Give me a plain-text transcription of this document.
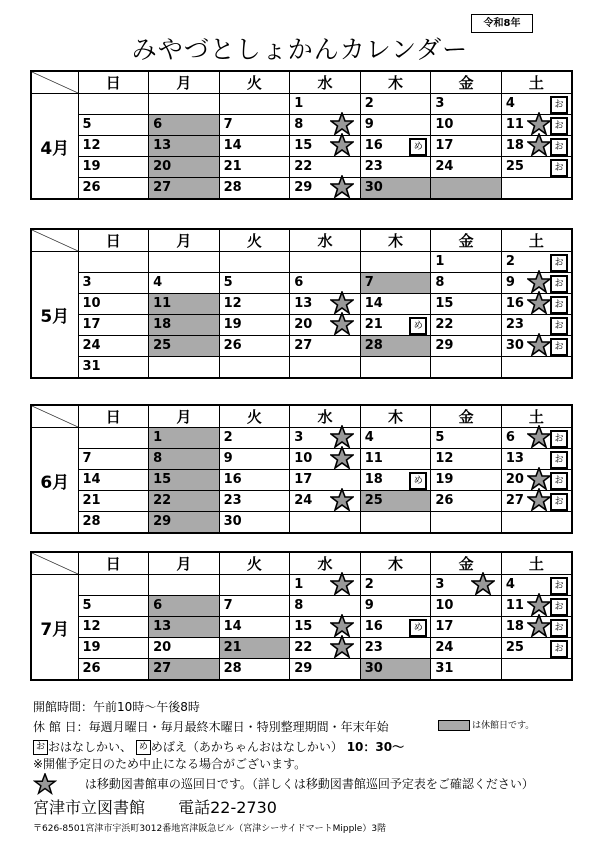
令和8年
みやづとしょかんカレンダー
	日	月	火	水	木	金	土
4月				1	2	3	4 お

	5	6	7	8	9	10	11 お

	12	13	14	15	16 め	17	18 お

	19	20	21	22	23	24	25 お

	26	27	28	29	30		

	日	月	火	水	木	金	土
5月						1	2 お

	3	4	5	6	7	8	9 お

	10	11	12	13	14	15	16 お

	17	18	19	20	21 め	22	23 お

	24	25	26	27	28	29	30 お

	31						

	日	月	火	水	木	金	土
6月		1	2	3	4	5	6 お

	7	8	9	10	11	12	13 お

	14	15	16	17	18 め	19	20 お

	21	22	23	24	25	26	27 お

	28	29	30				

	日	月	火	水	木	金	土
7月				1	2	3	4 お

	5	6	7	8	9	10	11 お

	12	13	14	15	16 め	17	18 お

	19	20	21	22	23	24	25 お

	26	27	28	29	30	31	

開館時間：午前10時～午後8時
休 館 日：毎週月曜日・毎月最終木曜日・特別整理期間・年末年始	は休館日です。
お おはなしかい、 め めばえ（あかちゃんおはなしかい） 10：30～
※開催予定日のため中止になる場合がございます。
は移動図書館車の巡回日です。（詳しくは移動図書館巡回予定表をご確認ください）
宮津市立図書館 電話22-2730
〒626-8501宮津市宇浜町3012番地宮津阪急ビル（宮津シーサイドマートMipple）3階
